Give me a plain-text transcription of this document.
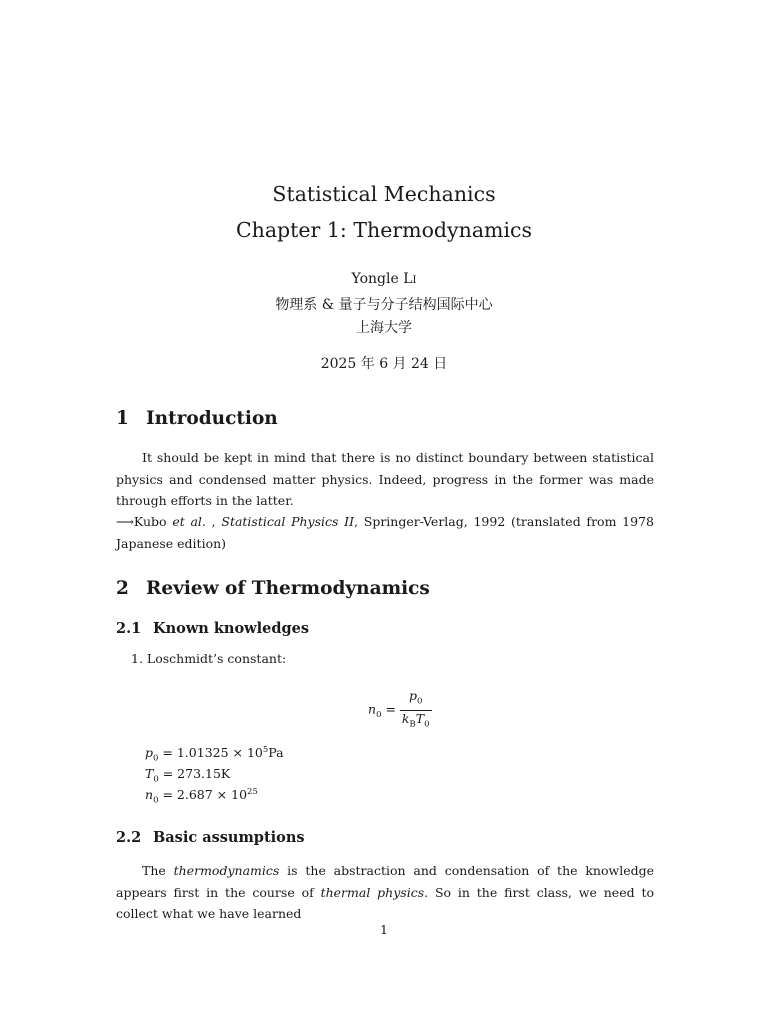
Statistical Mechanics
Chapter 1: Thermodynamics
Yongle Li
物理系 & 量子与分子结构国际中心
上海大学
2025 年 6 月 24 日
1 Introduction
It should be kept in mind that there is no distinct boundary between statistical physics and condensed matter physics. Indeed, progress in the former was made through efforts in the latter.
⟶Kubo et al. , Statistical Physics II, Springer-Verlag, 1992 (translated from 1978 Japanese edition)
2 Review of Thermodynamics
2.1 Known knowledges
1. Loschmidt’s constant:
$n_0 = \frac{p_0}{k_BT_0}$
$p_0 = 1.01325 \times 10^5Pa$
$T_0 = 273.15K$
$n_0 = 2.687 \times 10^{25}$
2.2 Basic assumptions
The thermodynamics is the abstraction and condensation of the knowledge appears first in the course of thermal physics. So in the first class, we need to collect what we have learned
1
